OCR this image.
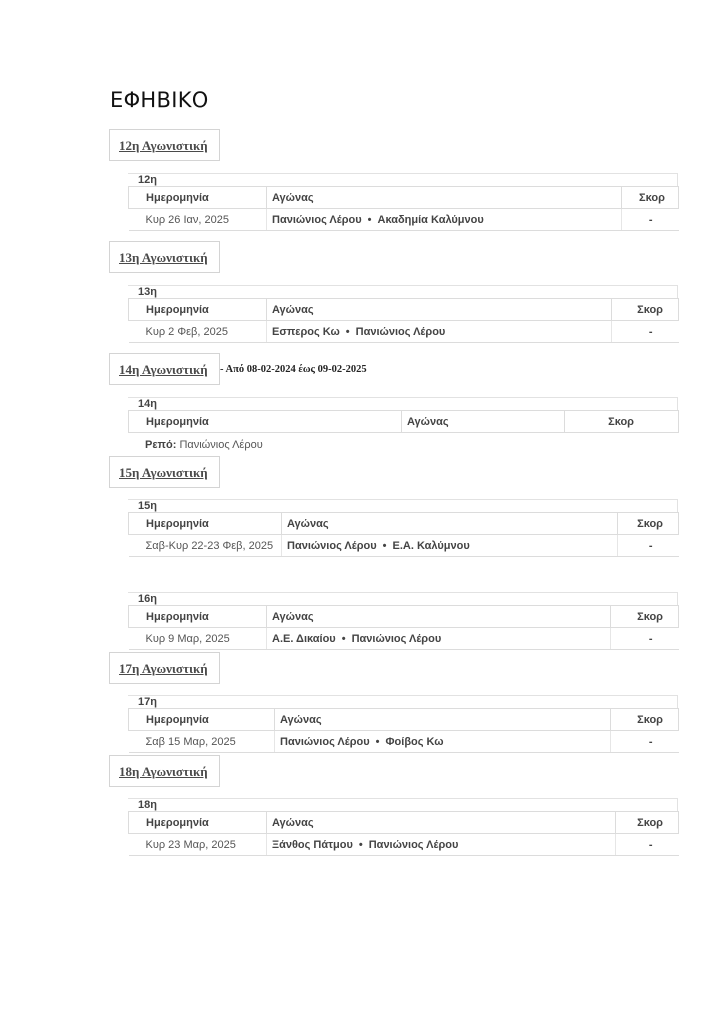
ΕΦΗΒΙΚΟ
12η Αγωνιστική
12η
Ημερομηνία	Αγώνας	Σκορ
Κυρ 26 Ιαν, 2025	Πανιώνιος Λέρου • Ακαδημία Καλύμνου	-
13η Αγωνιστική
13η
Ημερομηνία	Αγώνας	Σκορ
Κυρ 2 Φεβ, 2025	Εσπερος Κω • Πανιώνιος Λέρου	-
14η Αγωνιστική - Από 08-02-2024 έως 09-02-2025
14η
Ημερομηνία	Αγώνας	Σκορ
Ρεπό: Πανιώνιος Λέρου
15η Αγωνιστική
15η
Ημερομηνία	Αγώνας	Σκορ
Σαβ-Κυρ 22-23 Φεβ, 2025	Πανιώνιος Λέρου • Ε.Α. Καλύμνου	-
16η
Ημερομηνία	Αγώνας	Σκορ
Κυρ 9 Μαρ, 2025	Α.Ε. Δικαίου • Πανιώνιος Λέρου	-
17η Αγωνιστική
17η
Ημερομηνία	Αγώνας	Σκορ
Σαβ 15 Μαρ, 2025	Πανιώνιος Λέρου • Φοίβος Κω	-
18η Αγωνιστική
18η
Ημερομηνία	Αγώνας	Σκορ
Κυρ 23 Μαρ, 2025	Ξάνθος Πάτμου • Πανιώνιος Λέρου	-
